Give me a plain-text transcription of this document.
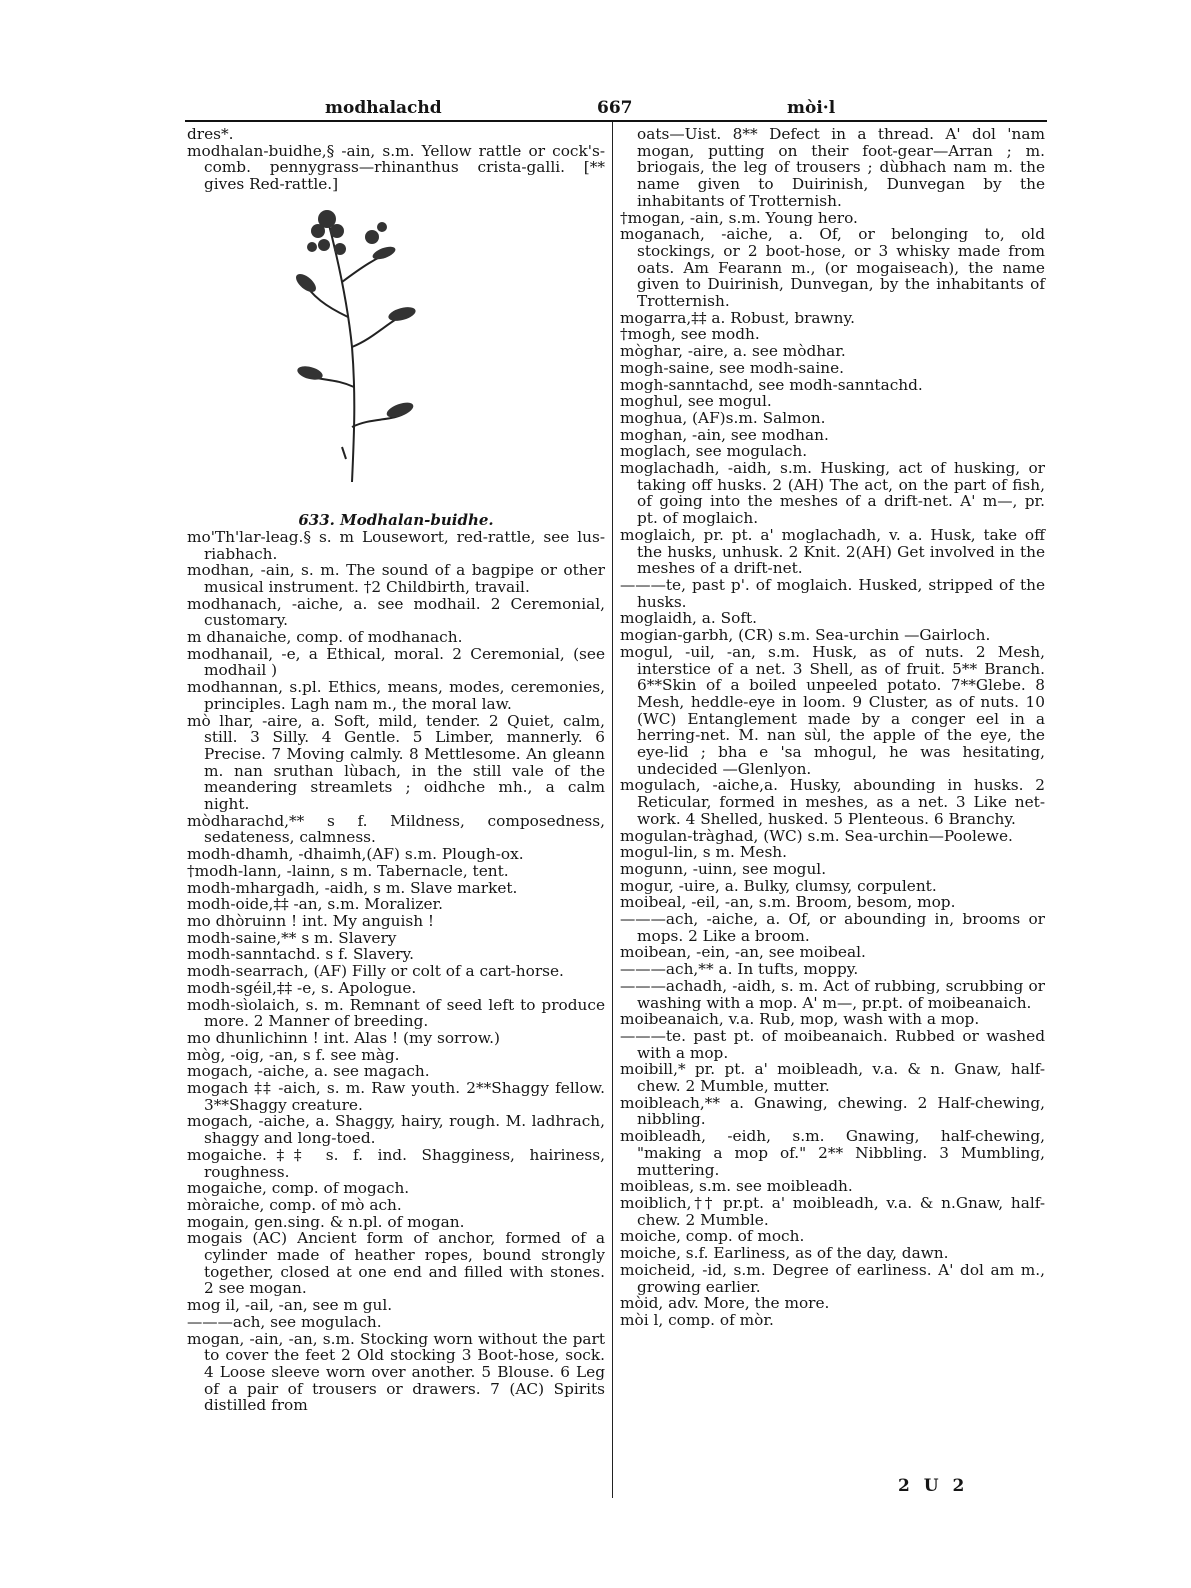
modhalachd	667	mòi·l

dres*.

modhalan-buidhe,§ -ain, s.m. Yellow rattle or cock's-comb. pennygrass—rhinanthus crista-galli. [** gives Red-rattle.]

633. Modhalan-buidhe.

mo'Th'lar-leag.§ s. m Lousewort, red-rattle, see lus-riabhach.

modhan, -ain, s. m. The sound of a bagpipe or other musical instrument. †2 Childbirth, travail.

modhanach, -aiche, a. see modhail. 2 Ceremonial, customary.

m dhanaiche, comp. of modhanach.

modhanail, -e, a Ethical, moral. 2 Ceremonial, (see modhail )

modhannan, s.pl. Ethics, means, modes, ceremonies, principles. Lagh nam m., the moral law.

mò lhar, -aire, a. Soft, mild, tender. 2 Quiet, calm, still. 3 Silly. 4 Gentle. 5 Limber, mannerly. 6 Precise. 7 Moving calmly. 8 Mettlesome. An gleann m. nan sruthan lùbach, in the still vale of the meandering streamlets ; oidhche mh., a calm night.

mòdharachd,** s f. Mildness, composedness, sedateness, calmness.

modh-dhamh, -dhaimh,(AF) s.m. Plough-ox.

†modh-lann, -lainn, s m. Tabernacle, tent.

modh-mhargadh, -aidh, s m. Slave market.

modh-oide,‡‡ -an, s.m. Moralizer.

mo dhòruinn ! int. My anguish !

modh-saine,** s m. Slavery

modh-sanntachd. s f. Slavery.

modh-searrach, (AF) Filly or colt of a cart-horse.

modh-sgéil,‡‡ -e, s. Apologue.

modh-sìolaich, s. m. Remnant of seed left to produce more. 2 Manner of breeding.

mo dhunlichinn ! int. Alas ! (my sorrow.)

mòg, -oig, -an, s f. see màg.

mogach, -aiche, a. see magach.

mogach ‡‡ -aich, s. m. Raw youth. 2**Shaggy fellow. 3**Shaggy creature.

mogach, -aiche, a. Shaggy, hairy, rough. M. ladhrach, shaggy and long-toed.

mogaiche.‡‡ s. f. ind. Shagginess, hairiness, roughness.

mogaiche, comp. of mogach.

mòraiche, comp. of mò ach.

mogain, gen.sing. & n.pl. of mogan.

mogais (AC) Ancient form of anchor, formed of a cylinder made of heather ropes, bound strongly together, closed at one end and filled with stones. 2 see mogan.

mog il, -ail, -an, see m gul.

———ach, see mogulach.

mogan, -ain, -an, s.m. Stocking worn without the part to cover the feet 2 Old stocking 3 Boot-hose, sock. 4 Loose sleeve worn over another. 5 Blouse. 6 Leg of a pair of trousers or drawers. 7 (AC) Spirits distilled from

oats—Uist. 8** Defect in a thread. A' dol 'nam mogan, putting on their foot-gear—Arran ; m. briogais, the leg of trousers ; dùbhach nam m. the name given to Duirinish, Dunvegan by the inhabitants of Trotternish.

†mogan, -ain, s.m. Young hero.

moganach, -aiche, a. Of, or belonging to, old stockings, or 2 boot-hose, or 3 whisky made from oats. Am Fearann m., (or mogaiseach), the name given to Duirinish, Dunvegan, by the inhabitants of Trotternish.

mogarra,‡‡ a. Robust, brawny.

†mogh, see modh.

mòghar, -aire, a. see mòdhar.

mogh-saine, see modh-saine.

mogh-sanntachd, see modh-sanntachd.

moghul, see mogul.

moghua, (AF)s.m. Salmon.

moghan, -ain, see modhan.

moglach, see mogulach.

moglachadh, -aidh, s.m. Husking, act of husking, or taking off husks. 2 (AH) The act, on the part of fish, of going into the meshes of a drift-net. A' m—, pr. pt. of moglaich.

moglaich, pr. pt. a' moglachadh, v. a. Husk, take off the husks, unhusk. 2 Knit. 2(AH) Get involved in the meshes of a drift-net.

———te, past p'. of moglaich. Husked, stripped of the husks.

moglaidh, a. Soft.

mogian-garbh, (CR) s.m. Sea-urchin —Gairloch.

mogul, -uil, -an, s.m. Husk, as of nuts. 2 Mesh, interstice of a net. 3 Shell, as of fruit. 5** Branch. 6**Skin of a boiled unpeeled potato. 7**Glebe. 8 Mesh, heddle-eye in loom. 9 Cluster, as of nuts. 10 (WC) Entanglement made by a conger eel in a herring-net. M. nan sùl, the apple of the eye, the eye-lid ; bha e 'sa mhogul, he was hesitating, undecided —Glenlyon.

mogulach, -aiche,a. Husky, abounding in husks. 2 Reticular, formed in meshes, as a net. 3 Like net-work. 4 Shelled, husked. 5 Plenteous. 6 Branchy.

mogulan-tràghad, (WC) s.m. Sea-urchin—Poolewe.

mogul-lin, s m. Mesh.

mogunn, -uinn, see mogul.

mogur, -uire, a. Bulky, clumsy, corpulent.

moibeal, -eil, -an, s.m. Broom, besom, mop.

———ach, -aiche, a. Of, or abounding in, brooms or mops. 2 Like a broom.

moibean, -ein, -an, see moibeal.

———ach,** a. In tufts, moppy.

———achadh, -aidh, s. m. Act of rubbing, scrubbing or washing with a mop. A' m—, pr.pt. of moibeanaich.

moibeanaich, v.a. Rub, mop, wash with a mop.

———te. past pt. of moibeanaich. Rubbed or washed with a mop.

moibill,* pr. pt. a' moibleadh, v.a. & n. Gnaw, half-chew. 2 Mumble, mutter.

moibleach,** a. Gnawing, chewing. 2 Half-chewing, nibbling.

moibleadh, -eidh, s.m. Gnawing, half-chewing, "making a mop of." 2** Nibbling. 3 Mumbling, muttering.

moibleas, s.m. see moibleadh.

moiblich,†† pr.pt. a' moibleadh, v.a. & n.Gnaw, half-chew. 2 Mumble.

moiche, comp. of moch.

moiche, s.f. Earliness, as of the day, dawn.

moicheid, -id, s.m. Degree of earliness. A' dol am m., growing earlier.

mòid, adv. More, the more.

mòi l, comp. of mòr.

2 U 2
